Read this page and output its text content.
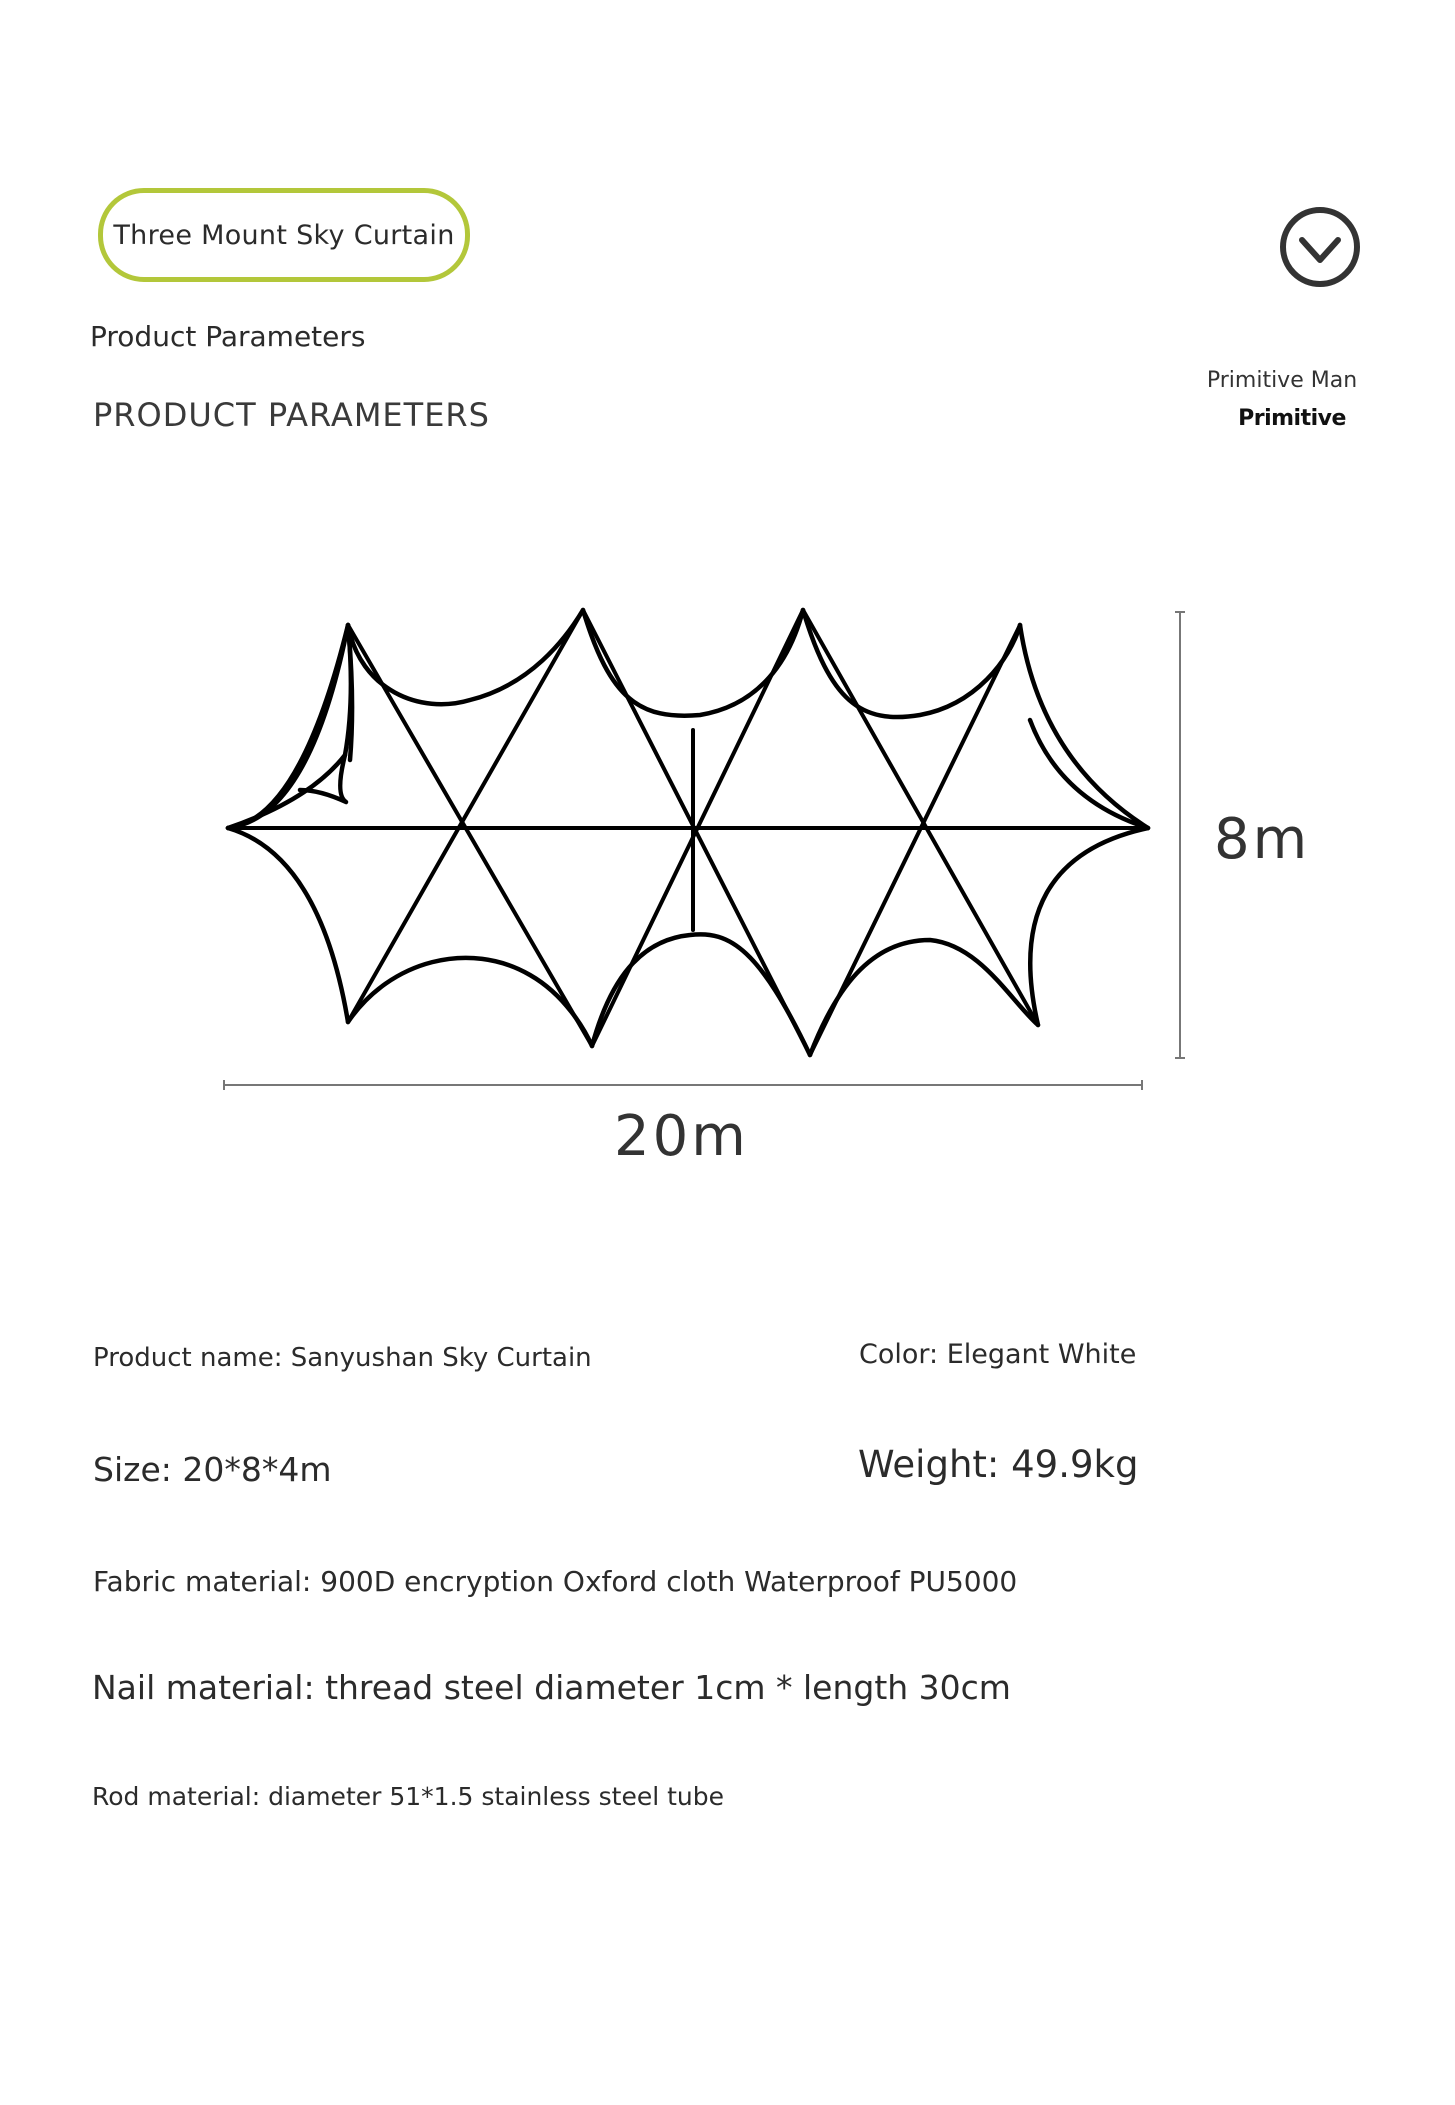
Three Mount Sky Curtain
Product Parameters
PRODUCT PARAMETERS
Primitive Man
Primitive
8m
20m
Product name: Sanyushan Sky Curtain	Color: Elegant White
Size: 20*8*4m	Weight: 49.9kg
Fabric material: 900D encryption Oxford cloth Waterproof PU5000
Nail material: thread steel diameter 1cm * length 30cm
Rod material: diameter 51*1.5 stainless steel tube
